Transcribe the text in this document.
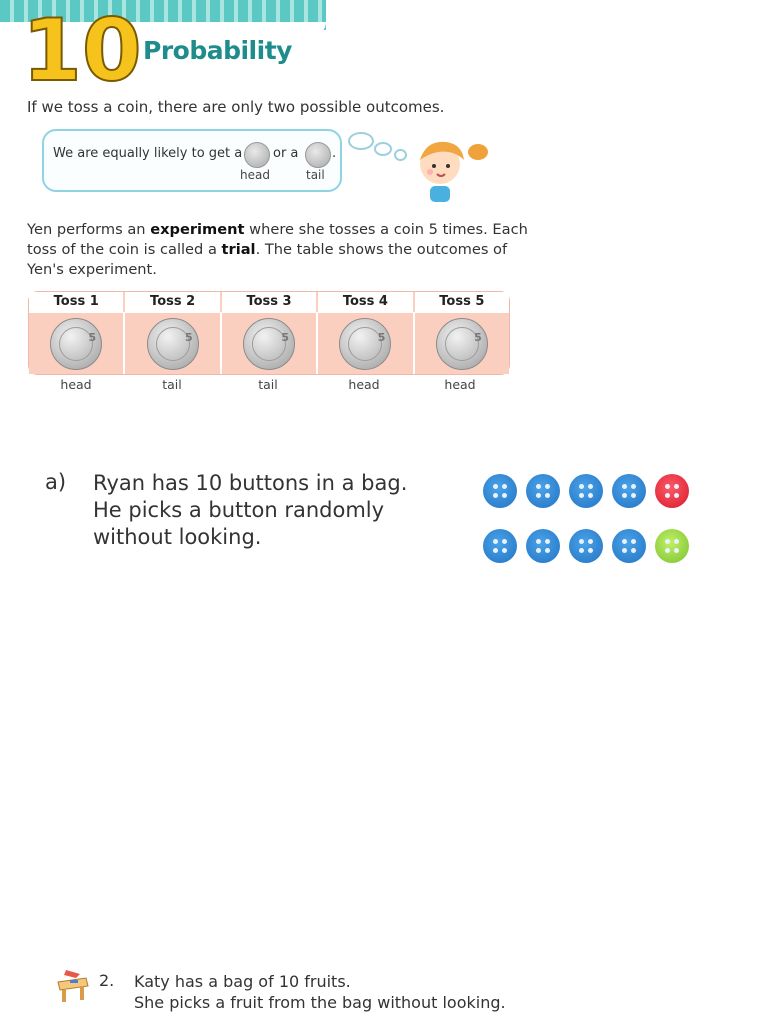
10 Probability
If we toss a coin, there are only two possible outcomes.
We are equally likely to get a or a	.
head	tail
Yen performs an experiment where she tosses a coin 5 times. Each toss of the coin is called a trial. The table shows the outcomes of Yen's experiment.
Toss 1	Toss 2	Toss 3	Toss 4	Toss 5
5	5	5	5	5
head	tail	tail	head	head
a) Ryan has 10 buttons in a bag.
He picks a button randomly
without looking.
2. Katy has a bag of 10 fruits.
She picks a fruit from the bag without looking.
